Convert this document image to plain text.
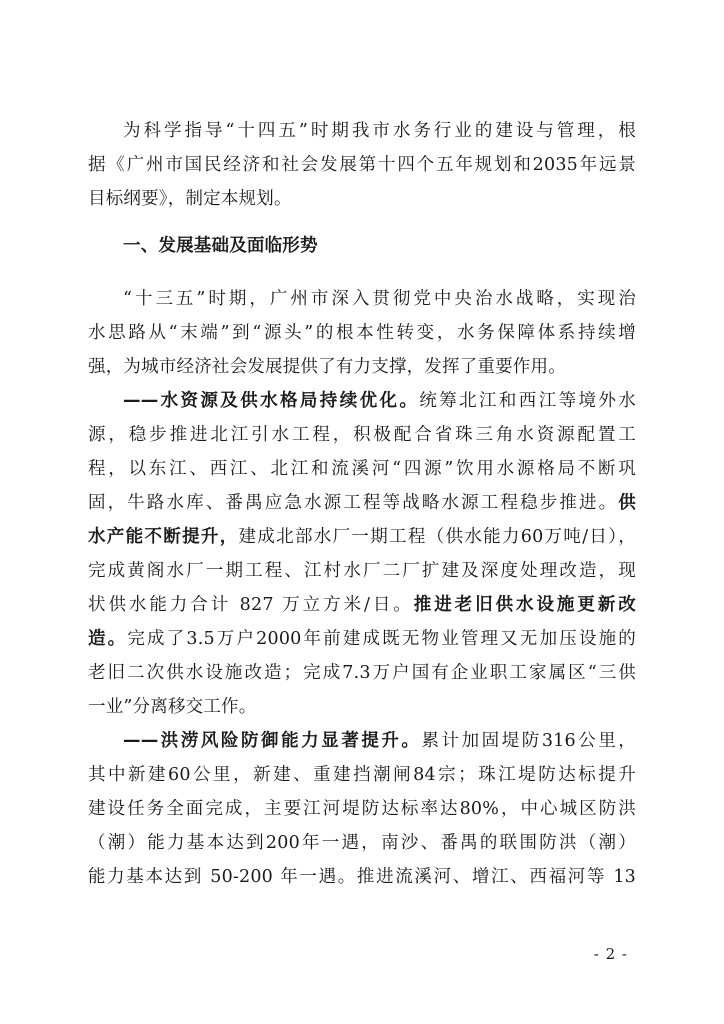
为科学指导“十四五”时期我市水务行业的建设与管理，根
据《广州市国民经济和社会发展第十四个五年规划和2035年远景
目标纲要》，制定本规划。
一、发展基础及面临形势
“十三五”时期，广州市深入贯彻党中央治水战略，实现治
水思路从“末端”到“源头”的根本性转变，水务保障体系持续增
强，为城市经济社会发展提供了有力支撑，发挥了重要作用。
——水资源及供水格局持续优化。统筹北江和西江等境外水
源，稳步推进北江引水工程，积极配合省珠三角水资源配置工
程，以东江、西江、北江和流溪河“四源”饮用水源格局不断巩
固，牛路水库、番禺应急水源工程等战略水源工程稳步推进。供
水产能不断提升，建成北部水厂一期工程（供水能力60万吨/日），
完成黄阁水厂一期工程、江村水厂二厂扩建及深度处理改造，现
状供水能力合计 827 万立方米/日。推进老旧供水设施更新改
造。完成了3.5万户2000年前建成既无物业管理又无加压设施的
老旧二次供水设施改造；完成7.3万户国有企业职工家属区“三供
一业”分离移交工作。
——洪涝风险防御能力显著提升。累计加固堤防316公里，
其中新建60公里，新建、重建挡潮闸84宗；珠江堤防达标提升
建设任务全面完成，主要江河堤防达标率达80%，中心城区防洪
（潮）能力基本达到200年一遇，南沙、番禺的联围防洪（潮）
能力基本达到 50-200 年一遇。推进流溪河、增江、西福河等 13
- 2 -
